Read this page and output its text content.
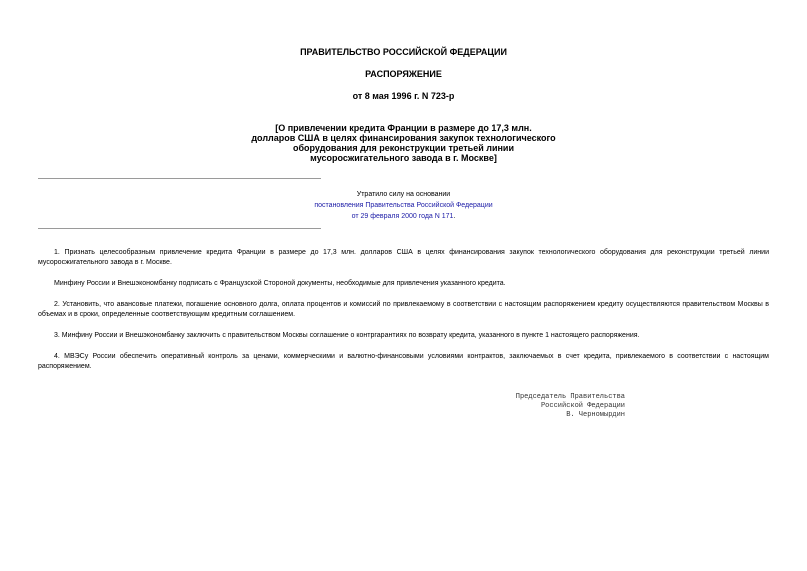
ПРАВИТЕЛЬСТВО РОССИЙСКОЙ ФЕДЕРАЦИИ
РАСПОРЯЖЕНИЕ
от 8 мая 1996 г. N 723-р
[О привлечении кредита Франции в размере до 17,3 млн.
долларов США в целях финансирования закупок технологического
оборудования для реконструкции третьей линии
мусоросжигательного завода в г. Москве]
Утратило силу на основании
постановления Правительства Российской Федерации
от 29 февраля 2000 года N 171.

1. Признать целесообразным привлечение кредита Франции в размере до 17,3 млн. долларов США в целях финансирования закупок технологического оборудования для реконструкции третьей линии мусоросжигательного завода в г. Москве.

Минфину России и Внешэкономбанку подписать с Французской Стороной документы, необходимые для привлечения указанного кредита.

2. Установить, что авансовые платежи, погашение основного долга, оплата процентов и комиссий по привлекаемому в соответствии с настоящим распоряжением кредиту осуществляются правительством Москвы в объемах и в сроки, определенные соответствующим кредитным соглашением.

3. Минфину России и Внешэкономбанку заключить с правительством Москвы соглашение о контргарантиях по возврату кредита, указанного в пункте 1 настоящего распоряжения.

4. МВЭСу России обеспечить оперативный контроль за ценами, коммерческими и валютно-финансовыми условиями контрактов, заключаемых в счет кредита, привлекаемого в соответствии с настоящим распоряжением.

Председатель Правительства
Российской Федерации
В. Черномырдин
